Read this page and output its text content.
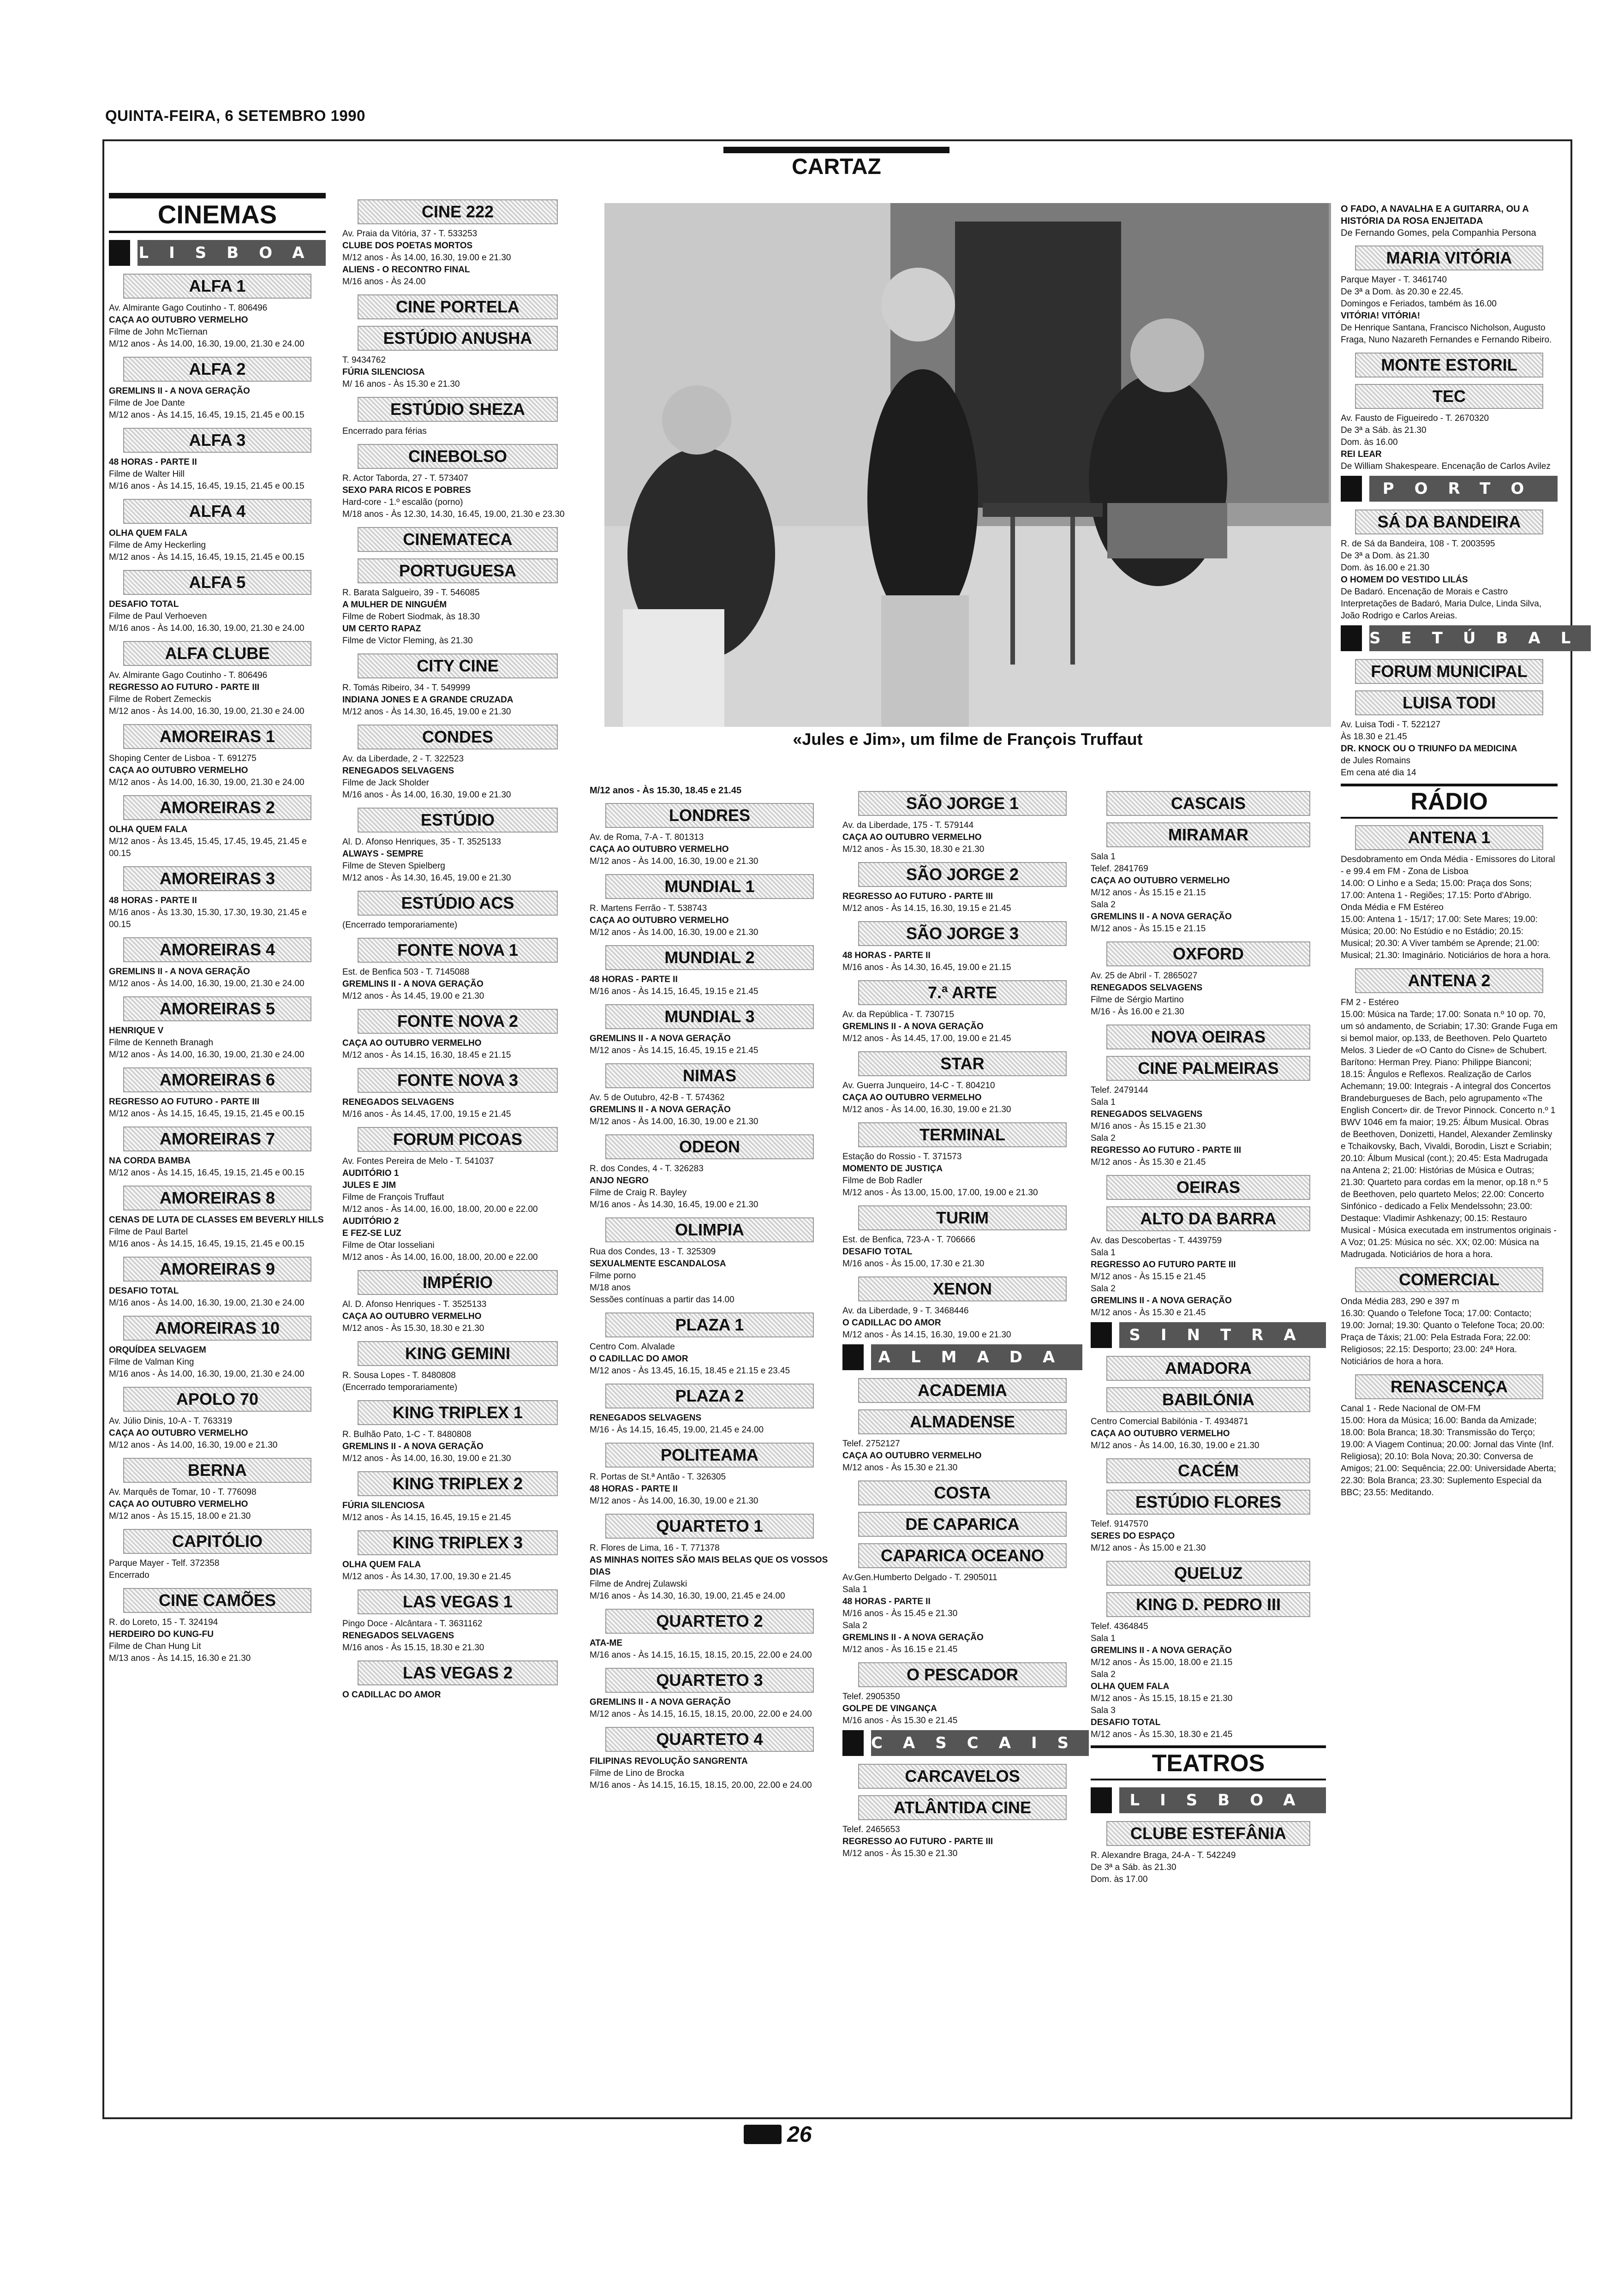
QUINTA-FEIRA, 6 SETEMBRO 1990
CARTAZ
«Jules e Jim», um filme de François Truffaut
CINEMAS
LISBOA
ALFA 1
Av. Almirante Gago Coutinho - T. 806496
CAÇA AO OUTUBRO VERMELHO
Filme de John McTiernan
M/12 anos - Às 14.00, 16.30, 19.00, 21.30 e 24.00
ALFA 2
GREMLINS II - A NOVA GERAÇÃO
Filme de Joe Dante
M/12 anos - Às 14.15, 16.45, 19.15, 21.45 e 00.15
ALFA 3
48 HORAS - PARTE II
Filme de Walter Hill
M/16 anos - Às 14.15, 16.45, 19.15, 21.45 e 00.15
ALFA 4
OLHA QUEM FALA
Filme de Amy Heckerling
M/12 anos - Às 14.15, 16.45, 19.15, 21.45 e 00.15
ALFA 5
DESAFIO TOTAL
Filme de Paul Verhoeven
M/16 anos - Às 14.00, 16.30, 19.00, 21.30 e 24.00
ALFA CLUBE
Av. Almirante Gago Coutinho - T. 806496
REGRESSO AO FUTURO - PARTE III
Filme de Robert Zemeckis
M/12 anos - Às 14.00, 16.30, 19.00, 21.30 e 24.00
AMOREIRAS 1
Shoping Center de Lisboa - T. 691275
CAÇA AO OUTUBRO VERMELHO
M/12 anos - Às 14.00, 16.30, 19.00, 21.30 e 24.00
AMOREIRAS 2
OLHA QUEM FALA
M/12 anos - Às 13.45, 15.45, 17.45, 19.45, 21.45 e 00.15
AMOREIRAS 3
48 HORAS - PARTE II
M/16 anos - Às 13.30, 15.30, 17.30, 19.30, 21.45 e 00.15
AMOREIRAS 4
GREMLINS II - A NOVA GERAÇÃO
M/12 anos - Às 14.00, 16.30, 19.00, 21.30 e 24.00
AMOREIRAS 5
HENRIQUE V
Filme de Kenneth Branagh
M/12 anos - Às 14.00, 16.30, 19.00, 21.30 e 24.00
AMOREIRAS 6
REGRESSO AO FUTURO - PARTE III
M/12 anos - Às 14.15, 16.45, 19.15, 21.45 e 00.15
AMOREIRAS 7
NA CORDA BAMBA
M/12 anos - Às 14.15, 16.45, 19.15, 21.45 e 00.15
AMOREIRAS 8
CENAS DE LUTA DE CLASSES EM BEVERLY HILLS
Filme de Paul Bartel
M/16 anos - Às 14.15, 16.45, 19.15, 21.45 e 00.15
AMOREIRAS 9
DESAFIO TOTAL
M/16 anos - Às 14.00, 16.30, 19.00, 21.30 e 24.00
AMOREIRAS 10
ORQUÍDEA SELVAGEM
Filme de Valman King
M/16 anos - Às 14.00, 16.30, 19.00, 21.30 e 24.00
APOLO 70
Av. Júlio Dinis, 10-A - T. 763319
CAÇA AO OUTUBRO VERMELHO
M/12 anos - Às 14.00, 16.30, 19.00 e 21.30
BERNA
Av. Marquês de Tomar, 10 - T. 776098
CAÇA AO OUTUBRO VERMELHO
M/12 anos - Às 15.15, 18.00 e 21.30
CAPITÓLIO
Parque Mayer - Telf. 372358
Encerrado
CINE CAMÕES
R. do Loreto, 15 - T. 324194
HERDEIRO DO KUNG-FU
Filme de Chan Hung Lit
M/13 anos - Às 14.15, 16.30 e 21.30
CINE 222
Av. Praia da Vitória, 37 - T. 533253
CLUBE DOS POETAS MORTOS
M/12 anos - Às 14.00, 16.30, 19.00 e 21.30
ALIENS - O RECONTRO FINAL
M/16 anos - Às 24.00
CINE PORTELA
ESTÚDIO ANUSHA
T. 9434762
FÚRIA SILENCIOSA
M/ 16 anos - Às 15.30 e 21.30
ESTÚDIO SHEZA
Encerrado para férias
CINEBOLSO
R. Actor Taborda, 27 - T. 573407
SEXO PARA RICOS E POBRES
Hard-core - 1.º escalão (porno)
M/18 anos - Às 12.30, 14.30, 16.45, 19.00, 21.30 e 23.30
CINEMATECA
PORTUGUESA
R. Barata Salgueiro, 39 - T. 546085
A MULHER DE NINGUÉM
Filme de Robert Siodmak, às 18.30
UM CERTO RAPAZ
Filme de Victor Fleming, às 21.30
CITY CINE
R. Tomás Ribeiro, 34 - T. 549999
INDIANA JONES E A GRANDE CRUZADA
M/12 anos - Às 14.30, 16.45, 19.00 e 21.30
CONDES
Av. da Liberdade, 2 - T. 322523
RENEGADOS SELVAGENS
Filme de Jack Sholder
M/16 anos - Às 14.00, 16.30, 19.00 e 21.30
ESTÚDIO
Al. D. Afonso Henriques, 35 - T. 3525133
ALWAYS - SEMPRE
Filme de Steven Spielberg
M/12 anos - Às 14.30, 16.45, 19.00 e 21.30
ESTÚDIO ACS
(Encerrado temporariamente)
FONTE NOVA 1
Est. de Benfica 503 - T. 7145088
GREMLINS II - A NOVA GERAÇÃO
M/12 anos - Às 14.45, 19.00 e 21.30
FONTE NOVA 2
CAÇA AO OUTUBRO VERMELHO
M/12 anos - Às 14.15, 16.30, 18.45 e 21.15
FONTE NOVA 3
RENEGADOS SELVAGENS
M/16 anos - Às 14.45, 17.00, 19.15 e 21.45
FORUM PICOAS
Av. Fontes Pereira de Melo - T. 541037
AUDITÓRIO 1
JULES E JIM
Filme de François Truffaut
M/12 anos - Às 14.00, 16.00, 18.00, 20.00 e 22.00
AUDITÓRIO 2
E FEZ-SE LUZ
Filme de Otar Iosseliani
M/12 anos - Às 14.00, 16.00, 18.00, 20.00 e 22.00
IMPÉRIO
Al. D. Afonso Henriques - T. 3525133
CAÇA AO OUTUBRO VERMELHO
M/12 anos - Às 15.30, 18.30 e 21.30
KING GEMINI
R. Sousa Lopes - T. 8480808
(Encerrado temporariamente)
KING TRIPLEX 1
R. Bulhão Pato, 1-C - T. 8480808
GREMLINS II - A NOVA GERAÇÃO
M/12 anos - Às 14.00, 16.30, 19.00 e 21.30
KING TRIPLEX 2
FÚRIA SILENCIOSA
M/12 anos - Às 14.15, 16.45, 19.15 e 21.45
KING TRIPLEX 3
OLHA QUEM FALA
M/12 anos - Às 14.30, 17.00, 19.30 e 21.45
LAS VEGAS 1
Pingo Doce - Alcântara - T. 3631162
RENEGADOS SELVAGENS
M/16 anos - Às 15.15, 18.30 e 21.30
LAS VEGAS 2
O CADILLAC DO AMOR
M/12 anos - Às 15.30, 18.45 e 21.45
LONDRES
Av. de Roma, 7-A - T. 801313
CAÇA AO OUTUBRO VERMELHO
M/12 anos - Às 14.00, 16.30, 19.00 e 21.30
MUNDIAL 1
R. Martens Ferrão - T. 538743
CAÇA AO OUTUBRO VERMELHO
M/12 anos - Às 14.00, 16.30, 19.00 e 21.30
MUNDIAL 2
48 HORAS - PARTE II
M/16 anos - Às 14.15, 16.45, 19.15 e 21.45
MUNDIAL 3
GREMLINS II - A NOVA GERAÇÃO
M/12 anos - Às 14.15, 16.45, 19.15 e 21.45
NIMAS
Av. 5 de Outubro, 42-B - T. 574362
GREMLINS II - A NOVA GERAÇÃO
M/12 anos - Às 14.00, 16.30, 19.00 e 21.30
ODEON
R. dos Condes, 4 - T. 326283
ANJO NEGRO
Filme de Craig R. Bayley
M/16 anos - Às 14.30, 16.45, 19.00 e 21.30
OLIMPIA
Rua dos Condes, 13 - T. 325309
SEXUALMENTE ESCANDALOSA
Filme porno
M/18 anos
Sessões contínuas a partir das 14.00
PLAZA 1
Centro Com. Alvalade
O CADILLAC DO AMOR
M/12 anos - Às 13.45, 16.15, 18.45 e 21.15 e 23.45
PLAZA 2
RENEGADOS SELVAGENS
M/16 - Às 14.15, 16.45, 19.00, 21.45 e 24.00
POLITEAMA
R. Portas de St.ª Antão - T. 326305
48 HORAS - PARTE II
M/12 anos - Às 14.00, 16.30, 19.00 e 21.30
QUARTETO 1
R. Flores de Lima, 16 - T. 771378
AS MINHAS NOITES SÃO MAIS BELAS QUE OS VOSSOS DIAS
Filme de Andrej Zulawski
M/16 anos - Às 14.30, 16.30, 19.00, 21.45 e 24.00
QUARTETO 2
ATA-ME
M/16 anos - Às 14.15, 16.15, 18.15, 20.15, 22.00 e 24.00
QUARTETO 3
GREMLINS II - A NOVA GERAÇÃO
M/12 anos - Às 14.15, 16.15, 18.15, 20.00, 22.00 e 24.00
QUARTETO 4
FILIPINAS REVOLUÇÃO SANGRENTA
Filme de Lino de Brocka
M/16 anos - Às 14.15, 16.15, 18.15, 20.00, 22.00 e 24.00
SÃO JORGE 1
Av. da Liberdade, 175 - T. 579144
CAÇA AO OUTUBRO VERMELHO
M/12 anos - Às 15.30, 18.30 e 21.30
SÃO JORGE 2
REGRESSO AO FUTURO - PARTE III
M/12 anos - Às 14.15, 16.30, 19.15 e 21.45
SÃO JORGE 3
48 HORAS - PARTE II
M/16 anos - Às 14.30, 16.45, 19.00 e 21.15
7.ª ARTE
Av. da República - T. 730715
GREMLINS II - A NOVA GERAÇÃO
M/12 anos - Às 14.45, 17.00, 19.00 e 21.45
STAR
Av. Guerra Junqueiro, 14-C - T. 804210
CAÇA AO OUTUBRO VERMELHO
M/12 anos - Às 14.00, 16.30, 19.00 e 21.30
TERMINAL
Estação do Rossio - T. 371573
MOMENTO DE JUSTIÇA
Filme de Bob Radler
M/12 anos - Às 13.00, 15.00, 17.00, 19.00 e 21.30
TURIM
Est. de Benfica, 723-A - T. 706666
DESAFIO TOTAL
M/16 anos - Às 15.00, 17.30 e 21.30
XENON
Av. da Liberdade, 9 - T. 3468446
O CADILLAC DO AMOR
M/12 anos - Às 14.15, 16.30, 19.00 e 21.30
ALMADA
ACADEMIA
ALMADENSE
Telef. 2752127
CAÇA AO OUTUBRO VERMELHO
M/12 anos - Às 15.30 e 21.30
COSTA
DE CAPARICA
CAPARICA OCEANO
Av.Gen.Humberto Delgado - T. 2905011
Sala 1
48 HORAS - PARTE II
M/16 anos - Às 15.45 e 21.30
Sala 2
GREMLINS II - A NOVA GERAÇÃO
M/12 anos - Às 16.15 e 21.45
O PESCADOR
Telef. 2905350
GOLPE DE VINGANÇA
M/16 anos - Às 15.30 e 21.45
CASCAIS
CARCAVELOS
ATLÂNTIDA CINE
Telef. 2465653
REGRESSO AO FUTURO - PARTE III
M/12 anos - Às 15.30 e 21.30
CASCAIS
MIRAMAR
Sala 1
Telef. 2841769
CAÇA AO OUTUBRO VERMELHO
M/12 anos - Às 15.15 e 21.15
Sala 2
GREMLINS II - A NOVA GERAÇÃO
M/12 anos - Às 15.15 e 21.15
OXFORD
Av. 25 de Abril - T. 2865027
RENEGADOS SELVAGENS
Filme de Sérgio Martino
M/16 - Às 16.00 e 21.30
NOVA OEIRAS
CINE PALMEIRAS
Telef. 2479144
Sala 1
RENEGADOS SELVAGENS
M/16 anos - Às 15.15 e 21.30
Sala 2
REGRESSO AO FUTURO - PARTE III
M/12 anos - Às 15.30 e 21.45
OEIRAS
ALTO DA BARRA
Av. das Descobertas - T. 4439759
Sala 1
REGRESSO AO FUTURO PARTE III
M/12 anos - Às 15.15 e 21.45
Sala 2
GREMLINS II - A NOVA GERAÇÃO
M/12 anos - Às 15.30 e 21.45
SINTRA
AMADORA
BABILÓNIA
Centro Comercial Babilónia - T. 4934871
CAÇA AO OUTUBRO VERMELHO
M/12 anos - Às 14.00, 16.30, 19.00 e 21.30
CACÉM
ESTÚDIO FLORES
Telef. 9147570
SERES DO ESPAÇO
M/12 anos - Às 15.00 e 21.30
QUELUZ
KING D. PEDRO III
Telef. 4364845
Sala 1
GREMLINS II - A NOVA GERAÇÃO
M/12 anos - Às 15.00, 18.00 e 21.15
Sala 2
OLHA QUEM FALA
M/12 anos - Às 15.15, 18.15 e 21.30
Sala 3
DESAFIO TOTAL
M/12 anos - Às 15.30, 18.30 e 21.45
TEATROS
LISBOA
CLUBE ESTEFÂNIA
R. Alexandre Braga, 24-A - T. 542249
De 3ª a Sáb. às 21.30
Dom. às 17.00
O FADO, A NAVALHA E A GUITARRA, OU A HISTÓRIA DA ROSA ENJEITADA
De Fernando Gomes, pela Companhia Persona
MARIA VITÓRIA
Parque Mayer - T. 3461740
De 3ª a Dom. às 20.30 e 22.45.
Domingos e Feriados, também às 16.00
VITÓRIA! VITÓRIA!
De Henrique Santana, Francisco Nicholson, Augusto Fraga, Nuno Nazareth Fernandes e Fernando Ribeiro.
MONTE ESTORIL
TEC
Av. Fausto de Figueiredo - T. 2670320
De 3ª a Sáb. às 21.30
Dom. às 16.00
REI LEAR
De William Shakespeare. Encenação de Carlos Avilez
PORTO
SÁ DA BANDEIRA
R. de Sá da Bandeira, 108 - T. 2003595
De 3ª a Dom. às 21.30
Dom. às 16.00 e 21.30
O HOMEM DO VESTIDO LILÁS
De Badaró. Encenação de Morais e Castro
Interpretações de Badaró, Maria Dulce, Linda Silva, João Rodrigo e Carlos Areias.
SETÚBAL
FORUM MUNICIPAL
LUISA TODI
Av. Luisa Todi - T. 522127
Às 18.30 e 21.45
DR. KNOCK OU O TRIUNFO DA MEDICINA
de Jules Romains
Em cena até dia 14
RÁDIO
ANTENA 1
Desdobramento em Onda Média - Emissores do Litoral - e 99.4 em FM - Zona de Lisboa
14.00: O Linho e a Seda; 15.00: Praça dos Sons; 17.00: Antena 1 - Regiões; 17.15: Porto d'Abrigo.
Onda Média e FM Estéreo
15.00: Antena 1 - 15/17; 17.00: Sete Mares; 19.00: Música; 20.00: No Estúdio e no Estádio; 20.15: Musical; 20.30: A Viver também se Aprende; 21.00: Musical; 21.30: Imaginário. Noticiários de hora a hora.
ANTENA 2
FM 2 - Estéreo
15.00: Música na Tarde; 17.00: Sonata n.º 10 op. 70, um só andamento, de Scriabin; 17.30: Grande Fuga em si bemol maior, op.133, de Beethoven. Pelo Quarteto Melos. 3 Lieder de «O Canto do Cisne» de Schubert. Barítono: Herman Prey. Piano: Philippe Bianconi; 18.15: Ângulos e Reflexos. Realização de Carlos Achemann; 19.00: Integrais - A integral dos Concertos Brandeburgueses de Bach, pelo agrupamento «The English Concert» dir. de Trevor Pinnock. Concerto n.º 1 BWV 1046 em fa maior; 19.25: Álbum Musical. Obras de Beethoven, Donizetti, Handel, Alexander Zemlinsky e Tchaikovsky, Bach, Vivaldi, Borodin, Liszt e Scriabin; 20.10: Álbum Musical (cont.); 20.45: Esta Madrugada na Antena 2; 21.00: Histórias de Música e Outras; 21.30: Quarteto para cordas em la menor, op.18 n.º 5 de Beethoven, pelo quarteto Melos; 22.00: Concerto Sinfónico - dedicado a Felix Mendelssohn; 23.00: Destaque: Vladimir Ashkenazy; 00.15: Restauro Musical - Música executada em instrumentos originais - A Voz; 01.25: Música no séc. XX; 02.00: Música na Madrugada. Noticiários de hora a hora.
COMERCIAL
Onda Média 283, 290 e 397 m
16.30: Quando o Telefone Toca; 17.00: Contacto; 19.00: Jornal; 19.30: Quanto o Telefone Toca; 20.00: Praça de Táxis; 21.00: Pela Estrada Fora; 22.00: Religiosos; 22.15: Desporto; 23.00: 24ª Hora. Noticiários de hora a hora.
RENASCENÇA
Canal 1 - Rede Nacional de OM-FM
15.00: Hora da Música; 16.00: Banda da Amizade; 18.00: Bola Branca; 18.30: Transmissão do Terço; 19.00: A Viagem Continua; 20.00: Jornal das Vinte (Inf. Religiosa); 20.10: Bola Nova; 20.30: Conversa de Amigos; 21.00: Sequência; 22.00: Universidade Aberta; 22.30: Bola Branca; 23.30: Suplemento Especial da BBC; 23.55: Meditando.
26
